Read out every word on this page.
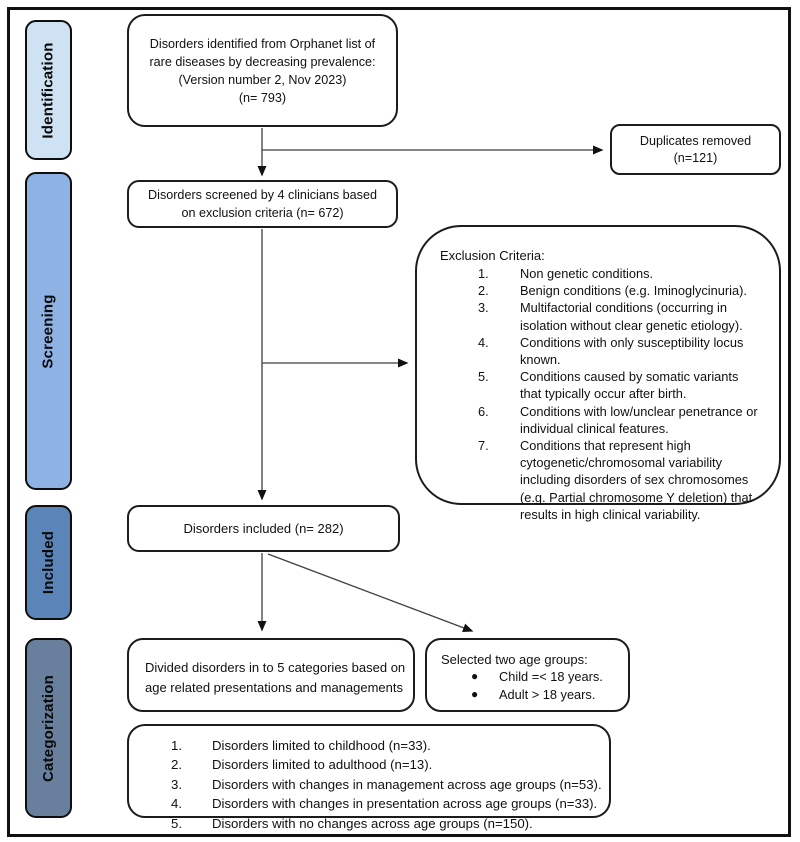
Identification
Screening
Included
Categorization
Disorders identified from Orphanet list of
rare diseases by decreasing prevalence:
(Version number 2, Nov 2023)
(n= 793)
Duplicates removed
(n=121)
Disorders screened by 4 clinicians based
on exclusion criteria (n= 672)
Exclusion Criteria:
1.	Non genetic conditions.
2.	Benign conditions (e.g. Iminoglycinuria).
3.	Multifactorial conditions (occurring in isolation without clear genetic etiology).
4.	Conditions with only susceptibility locus known.
5.	Conditions caused by somatic variants that typically occur after birth.
6.	Conditions with low/unclear penetrance or individual clinical features.
7.	Conditions that represent high cytogenetic/chromosomal variability including disorders of sex chromosomes (e.g. Partial chromosome Y deletion) that results in high clinical variability.
Disorders included (n= 282)
Divided disorders in to 5 categories based on
age related presentations and managements
Selected two age groups:
●	Child =< 18 years.
●	Adult > 18 years.
1.	Disorders limited to childhood (n=33).
2.	Disorders limited to adulthood (n=13).
3.	Disorders with changes in management across age groups (n=53).
4.	Disorders with changes in presentation across age groups (n=33).
5.	Disorders with no changes across age groups (n=150).
